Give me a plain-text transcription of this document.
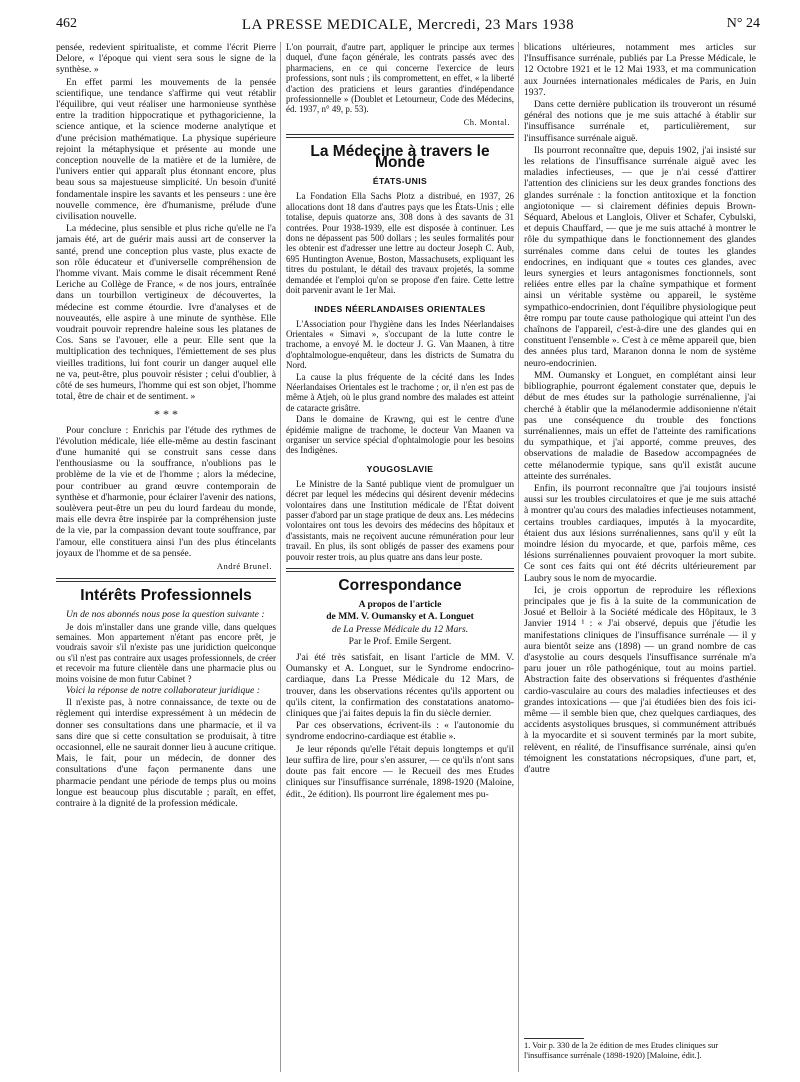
462	LA PRESSE MEDICALE, Mercredi, 23 Mars 1938	N° 24

pensée, redevient spiritualiste, et comme l'écrit Pierre Delore, « l'époque qui vient sera sous le signe de la synthèse. »

En effet parmi les mouvements de la pensée scientifique, une tendance s'affirme qui veut rétablir l'équilibre, qui veut réaliser une harmonieuse synthèse entre la tradition hippocratique et pythagoricienne, la science antique, et la science moderne analytique et d'une précision mathématique. La physique supérieure rejoint la métaphysique et présente au monde une conception nouvelle de la matière et de la lumière, de l'univers entier qui apparaît plus étonnant encore, plus beau sous sa majestueuse simplicité. Un besoin d'unité fondamentale inspire les savants et les penseurs : une ère nouvelle commence, ère d'humanisme, prélude d'une civilisation nouvelle.

La médecine, plus sensible et plus riche qu'elle ne l'a jamais été, art de guérir mais aussi art de conserver la santé, prend une conception plus vaste, plus exacte de son rôle éducateur et d'universelle compréhension de l'homme vivant. Mais comme le disait récemment René Leriche au Collège de France, « de nos jours, entraînée dans un tourbillon vertigineux de découvertes, la médecine est comme étourdie. Ivre d'analyses et de nouveautés, elle aspire à une minute de synthèse. Elle voudrait pouvoir reprendre haleine sous les platanes de Cos. Sans se l'avouer, elle a peur. Elle sent que la multiplication des techniques, l'émiettement de ses plus vieilles traditions, lui font courir un danger auquel elle ne va, peut-être, plus pouvoir résister ; celui d'oublier, à côté de ses humeurs, l'homme qui est son objet, l'homme total, être de chair et de sentiment. »

* * *

Pour conclure : Enrichis par l'étude des rythmes de l'évolution médicale, liée elle-même au destin fascinant d'une humanité qui se construit sans cesse dans l'enthousiasme ou la souffrance, n'oublions pas le problème de la vie et de l'homme ; alors la médecine, pour contribuer au grand œuvre contemporain de synthèse et d'harmonie, pour éclairer l'avenir des nations, soulèvera peut-être un peu du lourd fardeau du monde, mais elle devra être inspirée par la compréhension juste de la vie, par la compassion devant toute souffrance, par l'amour, elle constituera ainsi l'un des plus étincelants joyaux de l'homme et de sa pensée.

André Brunel.
Intérêts Professionnels

Un de nos abonnés nous pose la question suivante :

Je dois m'installer dans une grande ville, dans quelques semaines. Mon appartement n'étant pas encore prêt, je voudrais savoir s'il n'existe pas une juridiction quelconque ou s'il n'est pas contraire aux usages professionnels, de créer et recevoir ma future clientèle dans une pharmacie plus ou moins voisine de mon futur Cabinet ?

Voici la réponse de notre collaborateur juridique :

Il n'existe pas, à notre connaissance, de texte ou de règlement qui interdise expressément à un médecin de donner ses consultations dans une pharmacie, et il va sans dire que si cette consultation se produisait, à titre occasionnel, elle ne saurait donner lieu à aucune critique. Mais, le fait, pour un médecin, de donner des consultations d'une façon permanente dans une pharmacie pendant une période de temps plus ou moins longue est beaucoup plus discutable ; paraît, en effet, contraire à la dignité de la profession médicale.

L'on pourrait, d'autre part, appliquer le principe aux termes duquel, d'une façon générale, les contrats passés avec des pharmaciens, en ce qui concerne l'exercice de leurs professions, sont nuls ; ils compromettent, en effet, « la liberté d'action des praticiens et leurs garanties d'indépendance professionnelle » (Doublet et Letourneur, Code des Médecins, éd. 1937, n° 49, p. 53).

Ch. Montal.
La Médecine à travers le Monde
ÉTATS-UNIS

La Fondation Ella Sachs Plotz a distribué, en 1937, 26 allocations dont 18 dans d'autres pays que les États-Unis ; elle totalise, depuis quatorze ans, 308 dons à des savants de 31 contrées. Pour 1938-1939, elle est disposée à continuer. Les dons ne dépassent pas 500 dollars ; les seules formalités pour les obtenir est d'adresser une lettre au docteur Joseph C. Aub, 695 Huntington Avenue, Boston, Massachusets, expliquant les titres du postulant, le détail des travaux projetés, la somme demandée et l'emploi qu'on se propose d'en faire. Cette lettre doit parvenir avant le 1er Mai.

INDES NÉERLANDAISES ORIENTALES

L'Association pour l'hygiène dans les Indes Néerlandaises Orientales « Simavi », s'occupant de la lutte contre le trachome, a envoyé M. le docteur J. G. Van Maanen, à titre d'ophtalmologue-enquêteur, dans les districts de Sumatra du Nord.

La cause la plus fréquente de la cécité dans les Indes Néerlandaises Orientales est le trachome ; or, il n'en est pas de même à Atjeh, où le plus grand nombre des malades est atteint de cataracte grisâtre.

Dans le domaine de Krawng, qui est le centre d'une épidémie maligne de trachome, le docteur Van Maanen va organiser un service spécial d'ophtalmologie pour les besoins des Indigènes.

YOUGOSLAVIE

Le Ministre de la Santé publique vient de promulguer un décret par lequel les médecins qui désirent devenir médecins volontaires dans une Institution médicale de l'État doivent passer d'abord par un stage pratique de deux ans. Les médecins volontaires ont tous les devoirs des médecins des hôpitaux et d'assistants, mais ne reçoivent aucune rémunération pour leur travail. En plus, ils sont obligés de passer des examens pour pouvoir rester trois, au plus quatre ans dans leur poste.

Correspondance

A propos de l'article

de MM. V. Oumansky et A. Longuet

de La Presse Médicale du 12 Mars.

Par le Prof. Emile Sergent.

J'ai été très satisfait, en lisant l'article de MM. V. Oumansky et A. Longuet, sur le Syndrome endocrino-cardiaque, dans La Presse Médicale du 12 Mars, de trouver, dans les observations récentes qu'ils apportent ou qu'ils citent, la confirmation des constatations anatomo-cliniques que j'ai faites depuis la fin du siècle dernier.

Par ces observations, écrivent-ils : « l'autonomie du syndrome endocrino-cardiaque est établie ».

Je leur réponds qu'elle l'était depuis longtemps et qu'il leur suffira de lire, pour s'en assurer, — ce qu'ils n'ont sans doute pas fait encore — le Recueil des mes Etudes cliniques sur l'insuffisance surrénale, 1898-1920 (Maloine, édit., 2e édition). Ils pourront lire également mes pu-

blications ultérieures, notamment mes articles sur l'Insuffisance surrénale, publiés par La Presse Médicale, le 12 Octobre 1921 et le 12 Mai 1933, et ma communication aux Journées internationales médicales de Paris, en Juin 1937.

Dans cette dernière publication ils trouveront un résumé général des notions que je me suis attaché à établir sur l'insuffisance surrénale et, particulièrement, sur l'insuffisance surrénale aiguë.

Ils pourront reconnaître que, depuis 1902, j'ai insisté sur les relations de l'insuffisance surrénale aiguë avec les maladies infectieuses, — que je n'ai cessé d'attirer l'attention des cliniciens sur les deux grandes fonctions des glandes surrénale : la fonction antitoxique et la fonction angiotonique — si clairement définies depuis Brown-Séquard, Abelous et Langlois, Oliver et Schafer, Cybulski, et depuis Chauffard, — que je me suis attaché à montrer le rôle du sympathique dans le fonctionnement des glandes surrénales comme dans celui de toutes les glandes endocrines, en indiquant que « toutes ces glandes, avec leurs synergies et leurs antagonismes fonctionnels, sont reliées entre elles par la chaîne sympathique et forment ainsi un véritable système ou appareil, le système sympathico-endocrinien, dont l'équilibre physiologique peut être rompu par toute cause pathologique qui atteint l'un des chaînons de l'appareil, c'est-à-dire une des glandes qui en constituent l'ensemble ». C'est à ce même appareil que, bien des années plus tard, Maranon donna le nom de système neuro-endocrinien.

MM. Oumansky et Longuet, en complétant ainsi leur bibliographie, pourront également constater que, depuis le début de mes études sur la pathologie surrénalienne, j'ai cherché à établir que la mélanodermie addisonienne n'était pas une conséquence du trouble des fonctions surrénaliennes, mais un effet de l'atteinte des ramifications du sympathique, et j'ai apporté, comme preuves, des observations de maladie de Basedow accompagnées de cette mélanodermie typique, sans qu'il existât aucune atteinte des surrénales.

Enfin, ils pourront reconnaître que j'ai toujours insisté aussi sur les troubles circulatoires et que je me suis attaché à montrer qu'au cours des maladies infectieuses notamment, certains troubles cardiaques, imputés à la myocardite, étaient dus aux lésions surrénaliennes, sans qu'il y eût la moindre lésion du myocarde, et que, parfois même, ces lésions surrénaliennes pouvaient provoquer la mort subite. Ce sont ces faits qui ont été décrits ultérieurement par Laubry sous le nom de myocardie.

Ici, je crois opportun de reproduire les réflexions principales que je fis à la suite de la communication de Josué et Belloir à la Société médicale des Hôpitaux, le 3 Janvier 1914 ¹ : « J'ai observé, depuis que j'étudie les manifestations cliniques de l'insuffisance surrénale — il y aura bientôt seize ans (1898) — un grand nombre de cas d'asystolie au cours desquels l'insuffisance surrénale m'a paru jouer un rôle pathogénique, tout au moins partiel. Abstraction faite des observations si fréquentes d'asthénie cardio-vasculaire au cours des maladies infectieuses et des grandes intoxications — que j'ai étudiées bien des fois ici-même — il semble bien que, chez quelques cardiaques, des accidents asystoliques brusques, si communément attribués à la myocardite et si souvent terminés par la mort subite, relèvent, en réalité, de l'insuffisance surrénale, ainsi qu'en témoignent les constatations nécropsiques, d'une part, et, d'autre

1. Voir p. 330 de la 2e édition de mes Etudes cliniques sur l'insuffisance surrénale (1898-1920) [Maloine, édit.].
